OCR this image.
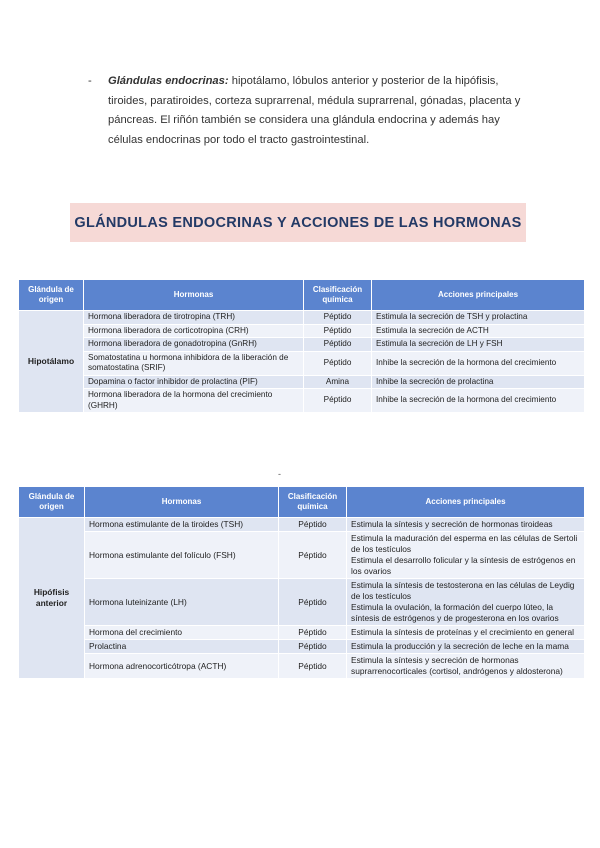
- Glándulas endocrinas: hipotálamo, lóbulos anterior y posterior de la hipófisis, tiroides, paratiroides, corteza suprarrenal, médula suprarrenal, gónadas, placenta y páncreas. El riñón también se considera una glándula endocrina y además hay células endocrinas por todo el tracto gastrointestinal.
GLÁNDULAS ENDOCRINAS Y ACCIONES DE LAS HORMONAS
Glándula de origen	Hormonas	Clasificación química	Acciones principales
Hipotálamo	Hormona liberadora de tirotropina (TRH)	Péptido	Estimula la secreción de TSH y prolactina
	Hormona liberadora de corticotropina (CRH)	Péptido	Estimula la secreción de ACTH
	Hormona liberadora de gonadotropina (GnRH)	Péptido	Estimula la secreción de LH y FSH
	Somatostatina u hormona inhibidora de la liberación de somatostatina (SRIF)	Péptido	Inhibe la secreción de la hormona del crecimiento
	Dopamina o factor inhibidor de prolactina (PIF)	Amina	Inhibe la secreción de prolactina
	Hormona liberadora de la hormona del crecimiento (GHRH)	Péptido	Inhibe la secreción de la hormona del crecimiento
-
Glándula de origen	Hormonas	Clasificación química	Acciones principales
Hipófisis anterior	Hormona estimulante de la tiroides (TSH)	Péptido	Estimula la síntesis y secreción de hormonas tiroideas
	Hormona estimulante del folículo (FSH)	Péptido	Estimula la maduración del esperma en las células de Sertoli de los testículos
Estimula el desarrollo folicular y la síntesis de estrógenos en los ovarios
	Hormona luteinizante (LH)	Péptido	Estimula la síntesis de testosterona en las células de Leydig de los testículos
Estimula la ovulación, la formación del cuerpo lúteo, la síntesis de estrógenos y de progesterona en los ovarios
	Hormona del crecimiento	Péptido	Estimula la síntesis de proteínas y el crecimiento en general
	Prolactina	Péptido	Estimula la producción y la secreción de leche en la mama
	Hormona adrenocorticótropa (ACTH)	Péptido	Estimula la síntesis y secreción de hormonas suprarrenocorticales (cortisol, andrógenos y aldosterona)
